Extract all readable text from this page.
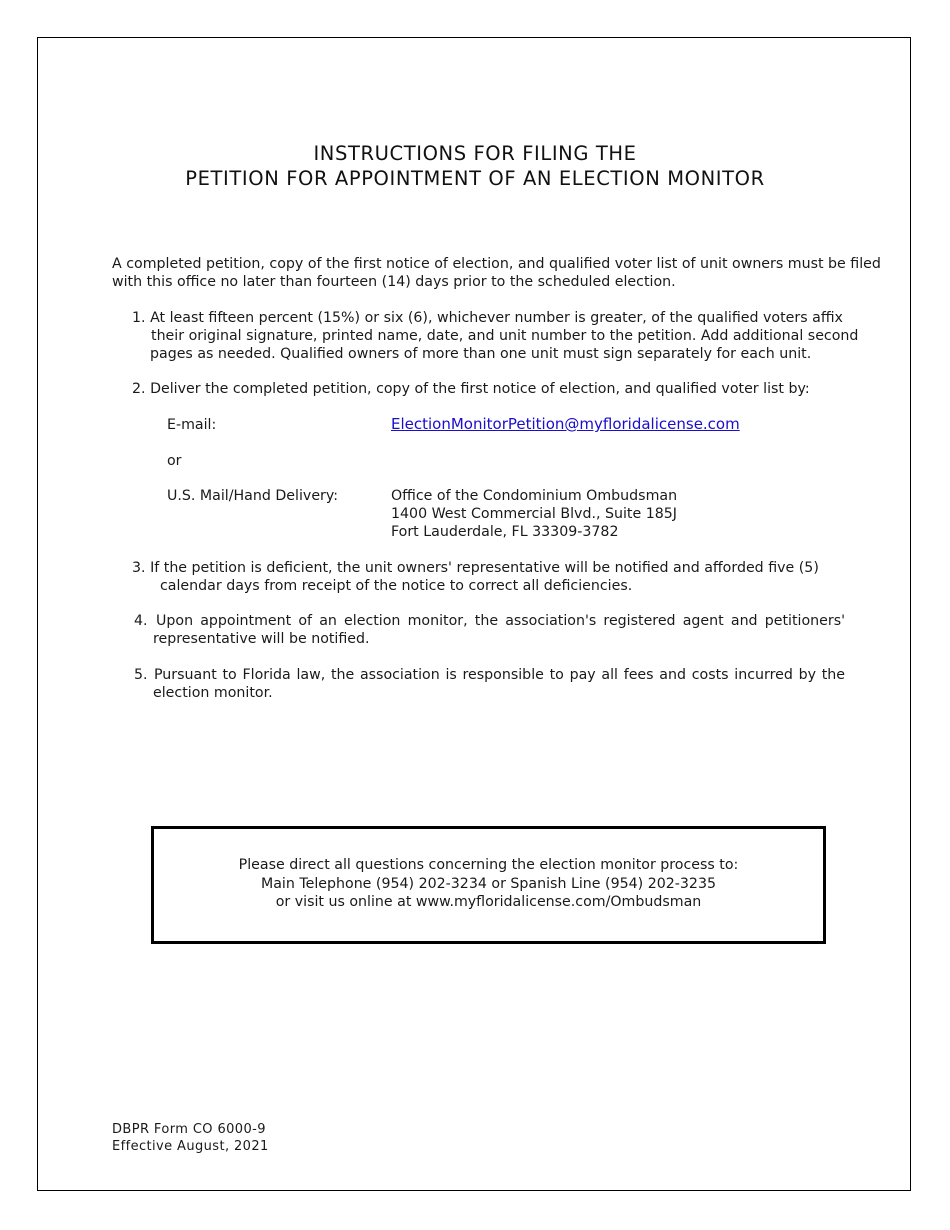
INSTRUCTIONS FOR FILING THE
PETITION FOR APPOINTMENT OF AN ELECTION MONITOR
A completed petition, copy of the first notice of election, and qualified voter list of unit owners must be filed
with this office no later than fourteen (14) days prior to the scheduled election.
1. At least fifteen percent (15%) or six (6), whichever number is greater, of the qualified voters affix
their original signature, printed name, date, and unit number to the petition. Add additional second
pages as needed. Qualified owners of more than one unit must sign separately for each unit.
2. Deliver the completed petition, copy of the first notice of election, and qualified voter list by:
E-mail:	ElectionMonitorPetition@myfloridalicense.com
or
U.S. Mail/Hand Delivery:	Office of the Condominium Ombudsman
1400 West Commercial Blvd., Suite 185J
Fort Lauderdale, FL 33309-3782
3. If the petition is deficient, the unit owners' representative will be notified and afforded five (5)
calendar days from receipt of the notice to correct all deficiencies.
4. Upon appointment of an election monitor, the association's registered agent and petitioners'
representative will be notified.
5. Pursuant to Florida law, the association is responsible to pay all fees and costs incurred by the
election monitor.
Please direct all questions concerning the election monitor process to:
Main Telephone (954) 202-3234 or Spanish Line (954) 202-3235
or visit us online at www.myfloridalicense.com/Ombudsman
DBPR Form CO 6000-9
Effective August, 2021
